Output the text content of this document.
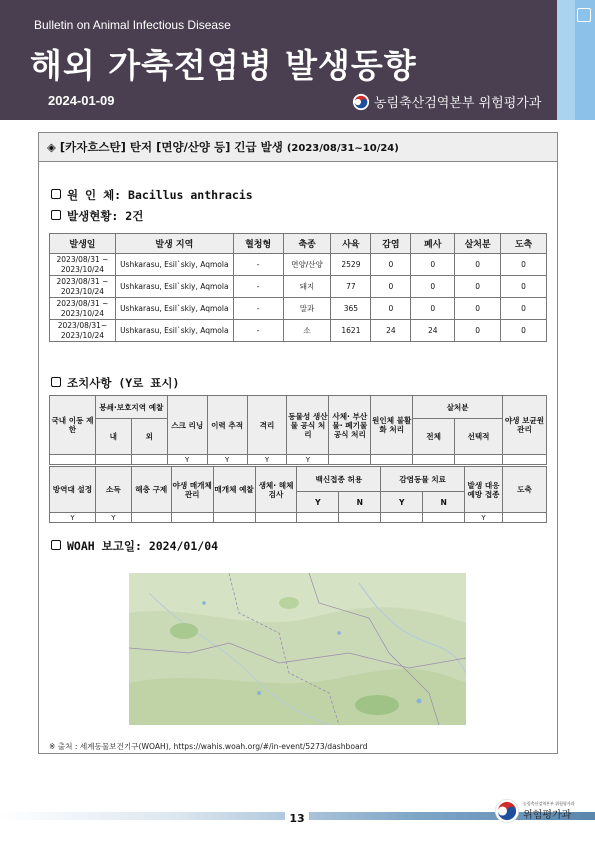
Bulletin on Animal Infectious Disease
해외 가축전염병 발생동향
2024-01-09	농림축산검역본부 위험평가과
◈ [카자흐스탄] 탄저 [면양/산양 등] 긴급 발생 (2023/08/31~10/24)
원 인 체: Bacillus anthracis
발생현황: 2건
발생일	발생 지역	혈청형	축종	사육	감염	폐사	살처분	도축
2023/08/31 ~
2023/10/24	Ushkarasu, Esil`skiy, Aqmola	-	면양/산양	2529	0	0	0	0
2023/08/31 ~
2023/10/24	Ushkarasu, Esil`skiy, Aqmola	-	돼지	77	0	0	0	0
2023/08/31 ~
2023/10/24	Ushkarasu, Esil`skiy, Aqmola	-	말과	365	0	0	0	0
2023/08/31~
2023/10/24	Ushkarasu, Esil`skiy, Aqmola	-	소	1621	24	24	0	0
조치사항 (Y로 표시)
국내 이동 제한	봉쇄·보호지역 예찰		스크 리닝	이력 추적	격리	동물성 생산물 공식 처리	사체· 부산물· 폐기물 공식 처리	원인체 불활화 처리	살처분		야생 보균원 관리
	내	외							전체	선택적	
			Y	Y	Y	Y					
방역대 설정	소독	해충 구제	야생 매개체 관리	매개체 예찰	생체· 해체 검사	백신접종 허용		감염동물 치료		발생 대응 예방 접종	도축
						Y	N	Y	N		
Y	Y									Y	
WOAH 보고일: 2024/01/04
※ 출처 : 세계동물보건기구(WOAH), https://wahis.woah.org/#/in-event/5273/dashboard
13
농림축산검역본부 위험평가과
위험평가과
